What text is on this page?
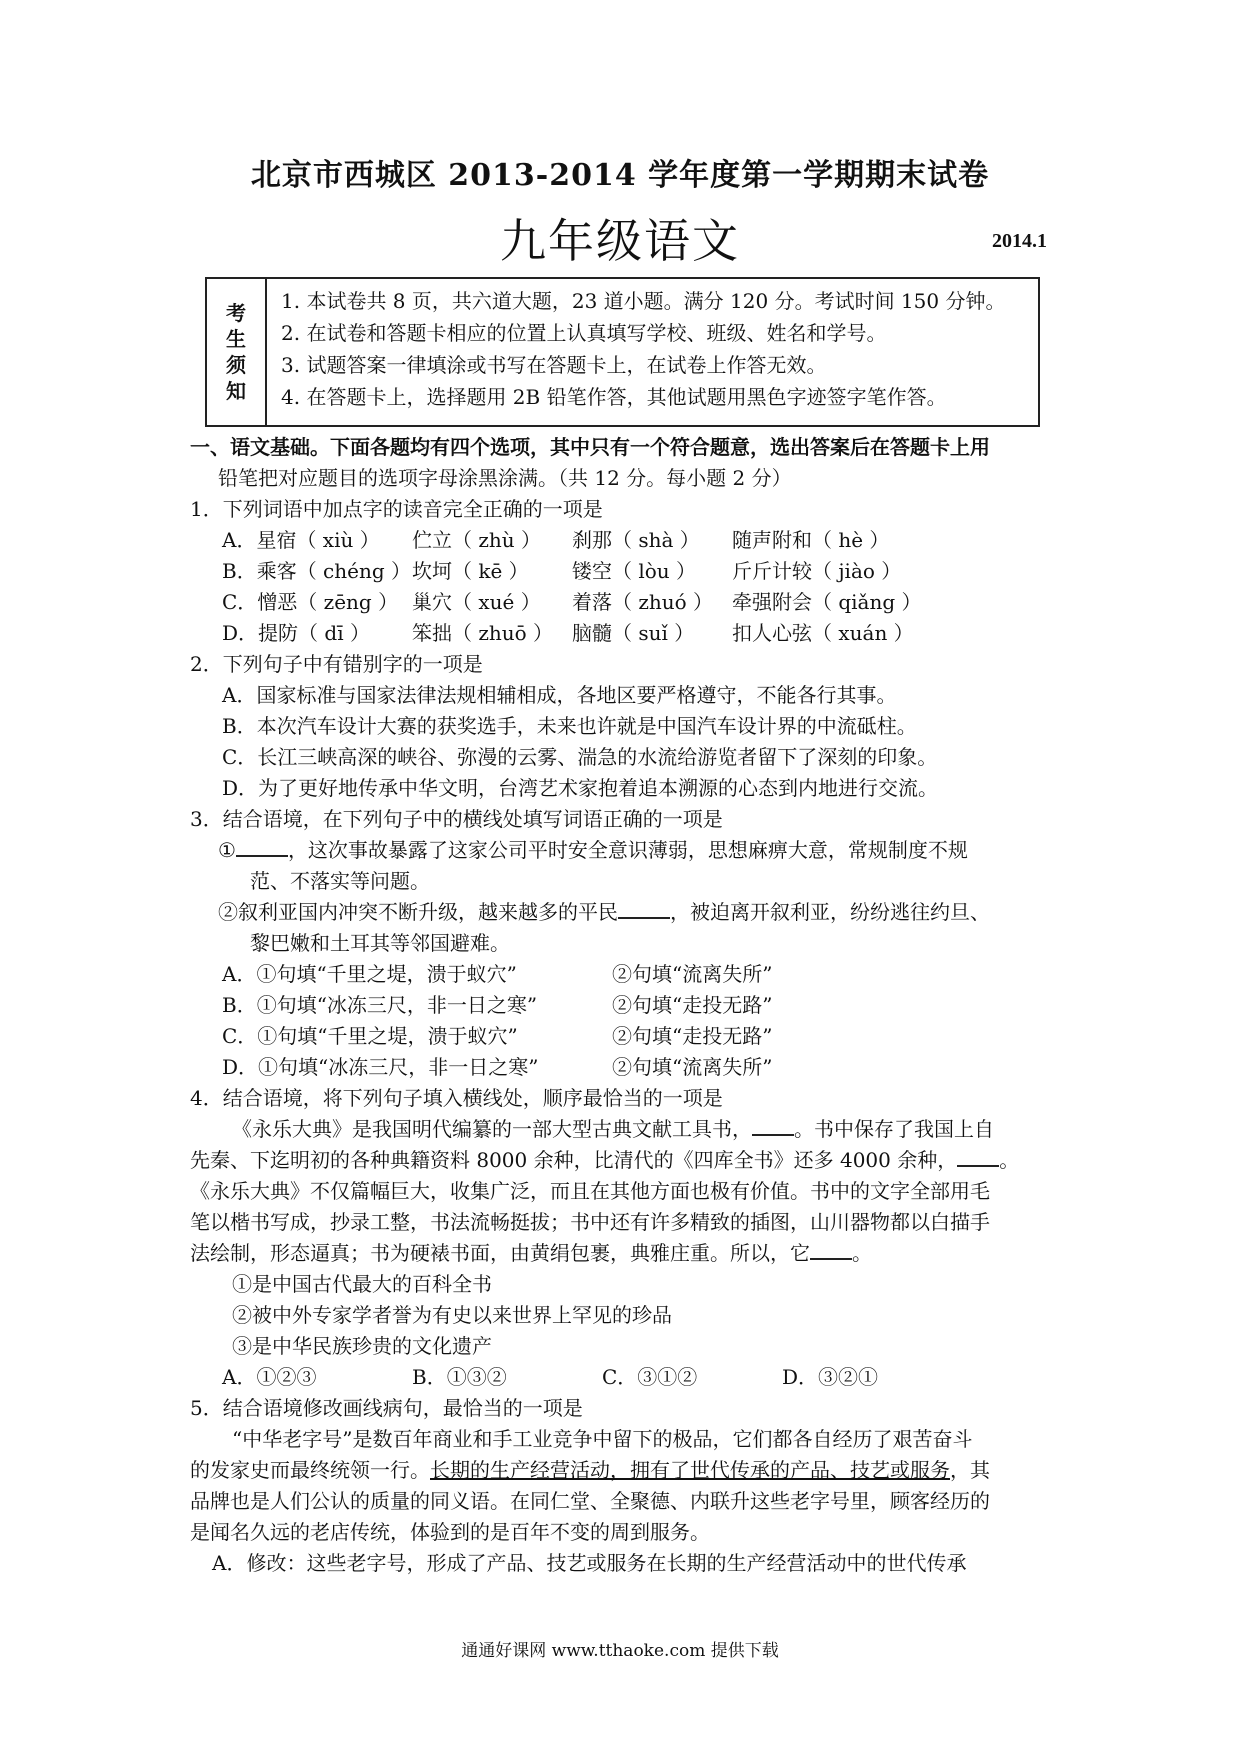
北京市西城区 2013-2014 学年度第一学期期末试卷
九年级语文	2014.1
考
生
须
知
1. 本试卷共 8 页，共六道大题，23 道小题。满分 120 分。考试时间 150 分钟。
2. 在试卷和答题卡相应的位置上认真填写学校、班级、姓名和学号。
3. 试题答案一律填涂或书写在答题卡上，在试卷上作答无效。
4. 在答题卡上，选择题用 2B 铅笔作答，其他试题用黑色字迹签字笔作答。
一、语文基础。下面各题均有四个选项，其中只有一个符合题意，选出答案后在答题卡上用
铅笔把对应题目的选项字母涂黑涂满。（共 12 分。每小题 2 分）
1．下列词语中加点字的读音完全正确的一项是
A．星宿（ xiù ）	伫立（ zhù ）	刹那（ shà ）	随声附和（ hè ）
B．乘客（ chéng ） 坎坷（ kē ）	镂空（ lòu ）	斤斤计较（ jiào ）
C．憎恶（ zēng ） 巢穴（ xué ）	着落（ zhuó ） 牵强附会（ qiǎng ）
D．提防（ dī ）	笨拙（ zhuō ） 脑髓（ suǐ ）	扣人心弦（ xuán ）
2．下列句子中有错别字的一项是
A．国家标准与国家法律法规相辅相成，各地区要严格遵守，不能各行其事。
B．本次汽车设计大赛的获奖选手，未来也许就是中国汽车设计界的中流砥柱。
C．长江三峡高深的峡谷、弥漫的云雾、湍急的水流给游览者留下了深刻的印象。
D．为了更好地传承中华文明，台湾艺术家抱着追本溯源的心态到内地进行交流。
3．结合语境，在下列句子中的横线处填写词语正确的一项是
①	，这次事故暴露了这家公司平时安全意识薄弱，思想麻痹大意，常规制度不规
范、不落实等问题。
②叙利亚国内冲突不断升级，越来越多的平民	，被迫离开叙利亚，纷纷逃往约旦、
黎巴嫩和土耳其等邻国避难。
A．①句填“千里之堤，溃于蚁穴”	②句填“流离失所”
B．①句填“冰冻三尺，非一日之寒”	②句填“走投无路”
C．①句填“千里之堤，溃于蚁穴”	②句填“走投无路”
D．①句填“冰冻三尺，非一日之寒”	②句填“流离失所”
4．结合语境，将下列句子填入横线处，顺序最恰当的一项是
《永乐大典》是我国明代编纂的一部大型古典文献工具书， 。书中保存了我国上自
先秦、下迄明初的各种典籍资料 8000 余种，比清代的《四库全书》还多 4000 余种， 。
《永乐大典》不仅篇幅巨大，收集广泛，而且在其他方面也极有价值。书中的文字全部用毛
笔以楷书写成，抄录工整，书法流畅挺拔；书中还有许多精致的插图，山川器物都以白描手
法绘制，形态逼真；书为硬裱书面，由黄绢包裹，典雅庄重。所以，它 。
①是中国古代最大的百科全书
②被中外专家学者誉为有史以来世界上罕见的珍品
③是中华民族珍贵的文化遗产
A．①②③	B．①③②	C．③①②	D．③②①
5．结合语境修改画线病句，最恰当的一项是
“中华老字号”是数百年商业和手工业竞争中留下的极品，它们都各自经历了艰苦奋斗
的发家史而最终统领一行。长期的生产经营活动，拥有了世代传承的产品、技艺或服务，其
品牌也是人们公认的质量的同义语。在同仁堂、全聚德、内联升这些老字号里，顾客经历的
是闻名久远的老店传统，体验到的是百年不变的周到服务。
A．修改：这些老字号，形成了产品、技艺或服务在长期的生产经营活动中的世代传承
通通好课网 www.tthaoke.com 提供下载
